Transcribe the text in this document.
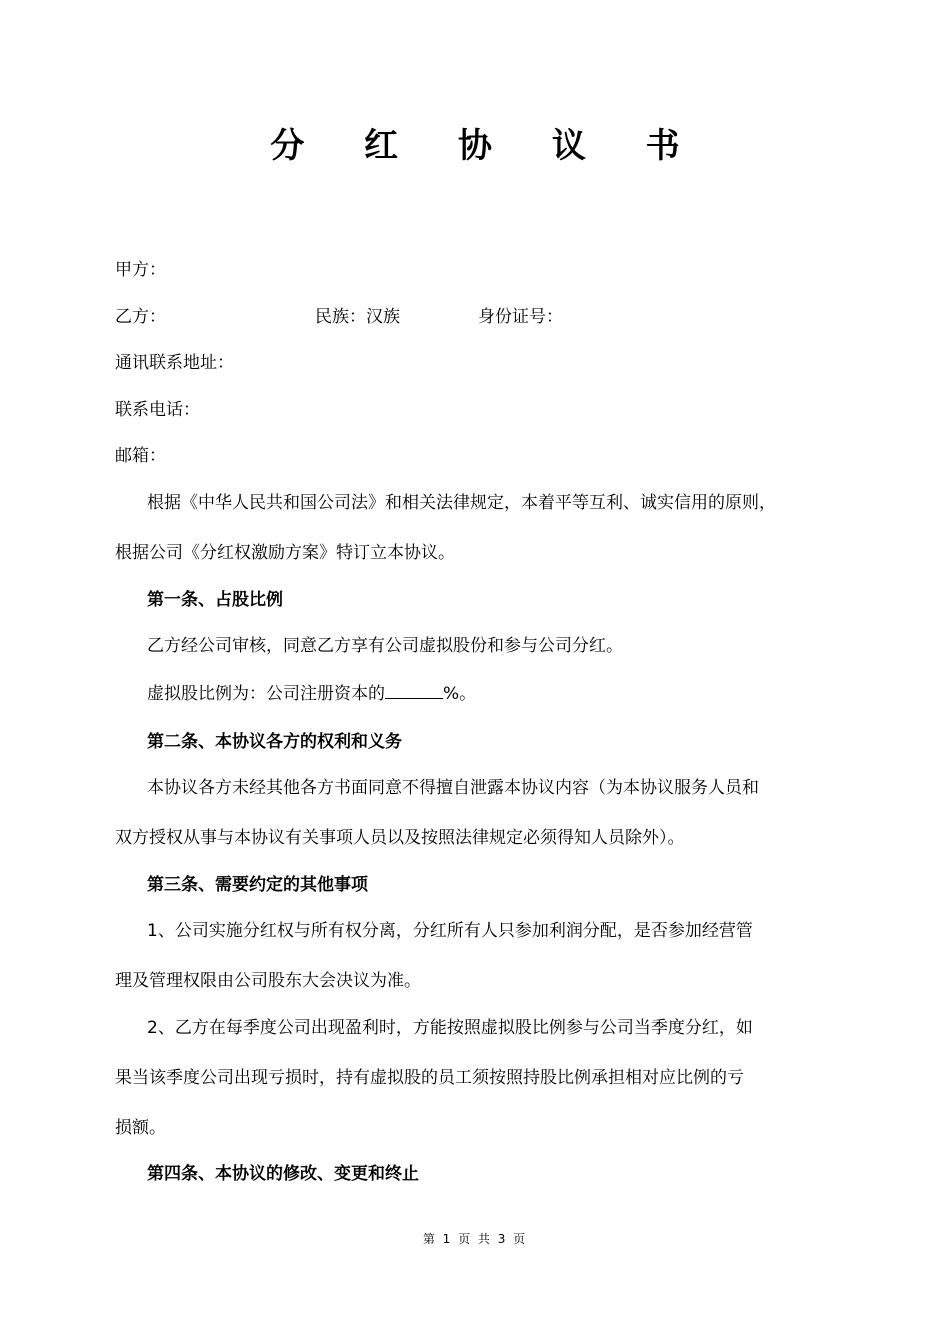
分 红 协 议 书
甲方：
乙方：	民族：汉族	身份证号：
通讯联系地址：
联系电话：
邮箱：
根据《中华人民共和国公司法》和相关法律规定，本着平等互利、诚实信用的原则，
根据公司《分红权激励方案》特订立本协议。
第一条、占股比例
乙方经公司审核，同意乙方享有公司虚拟股份和参与公司分红。
虚拟股比例为：公司注册资本的	%。
第二条、本协议各方的权利和义务
本协议各方未经其他各方书面同意不得擅自泄露本协议内容（为本协议服务人员和
双方授权从事与本协议有关事项人员以及按照法律规定必须得知人员除外）。
第三条、需要约定的其他事项
1、公司实施分红权与所有权分离，分红所有人只参加利润分配，是否参加经营管
理及管理权限由公司股东大会决议为准。
2、乙方在每季度公司出现盈利时，方能按照虚拟股比例参与公司当季度分红，如
果当该季度公司出现亏损时，持有虚拟股的员工须按照持股比例承担相对应比例的亏
损额。
第四条、本协议的修改、变更和终止
第 1 页 共 3 页
